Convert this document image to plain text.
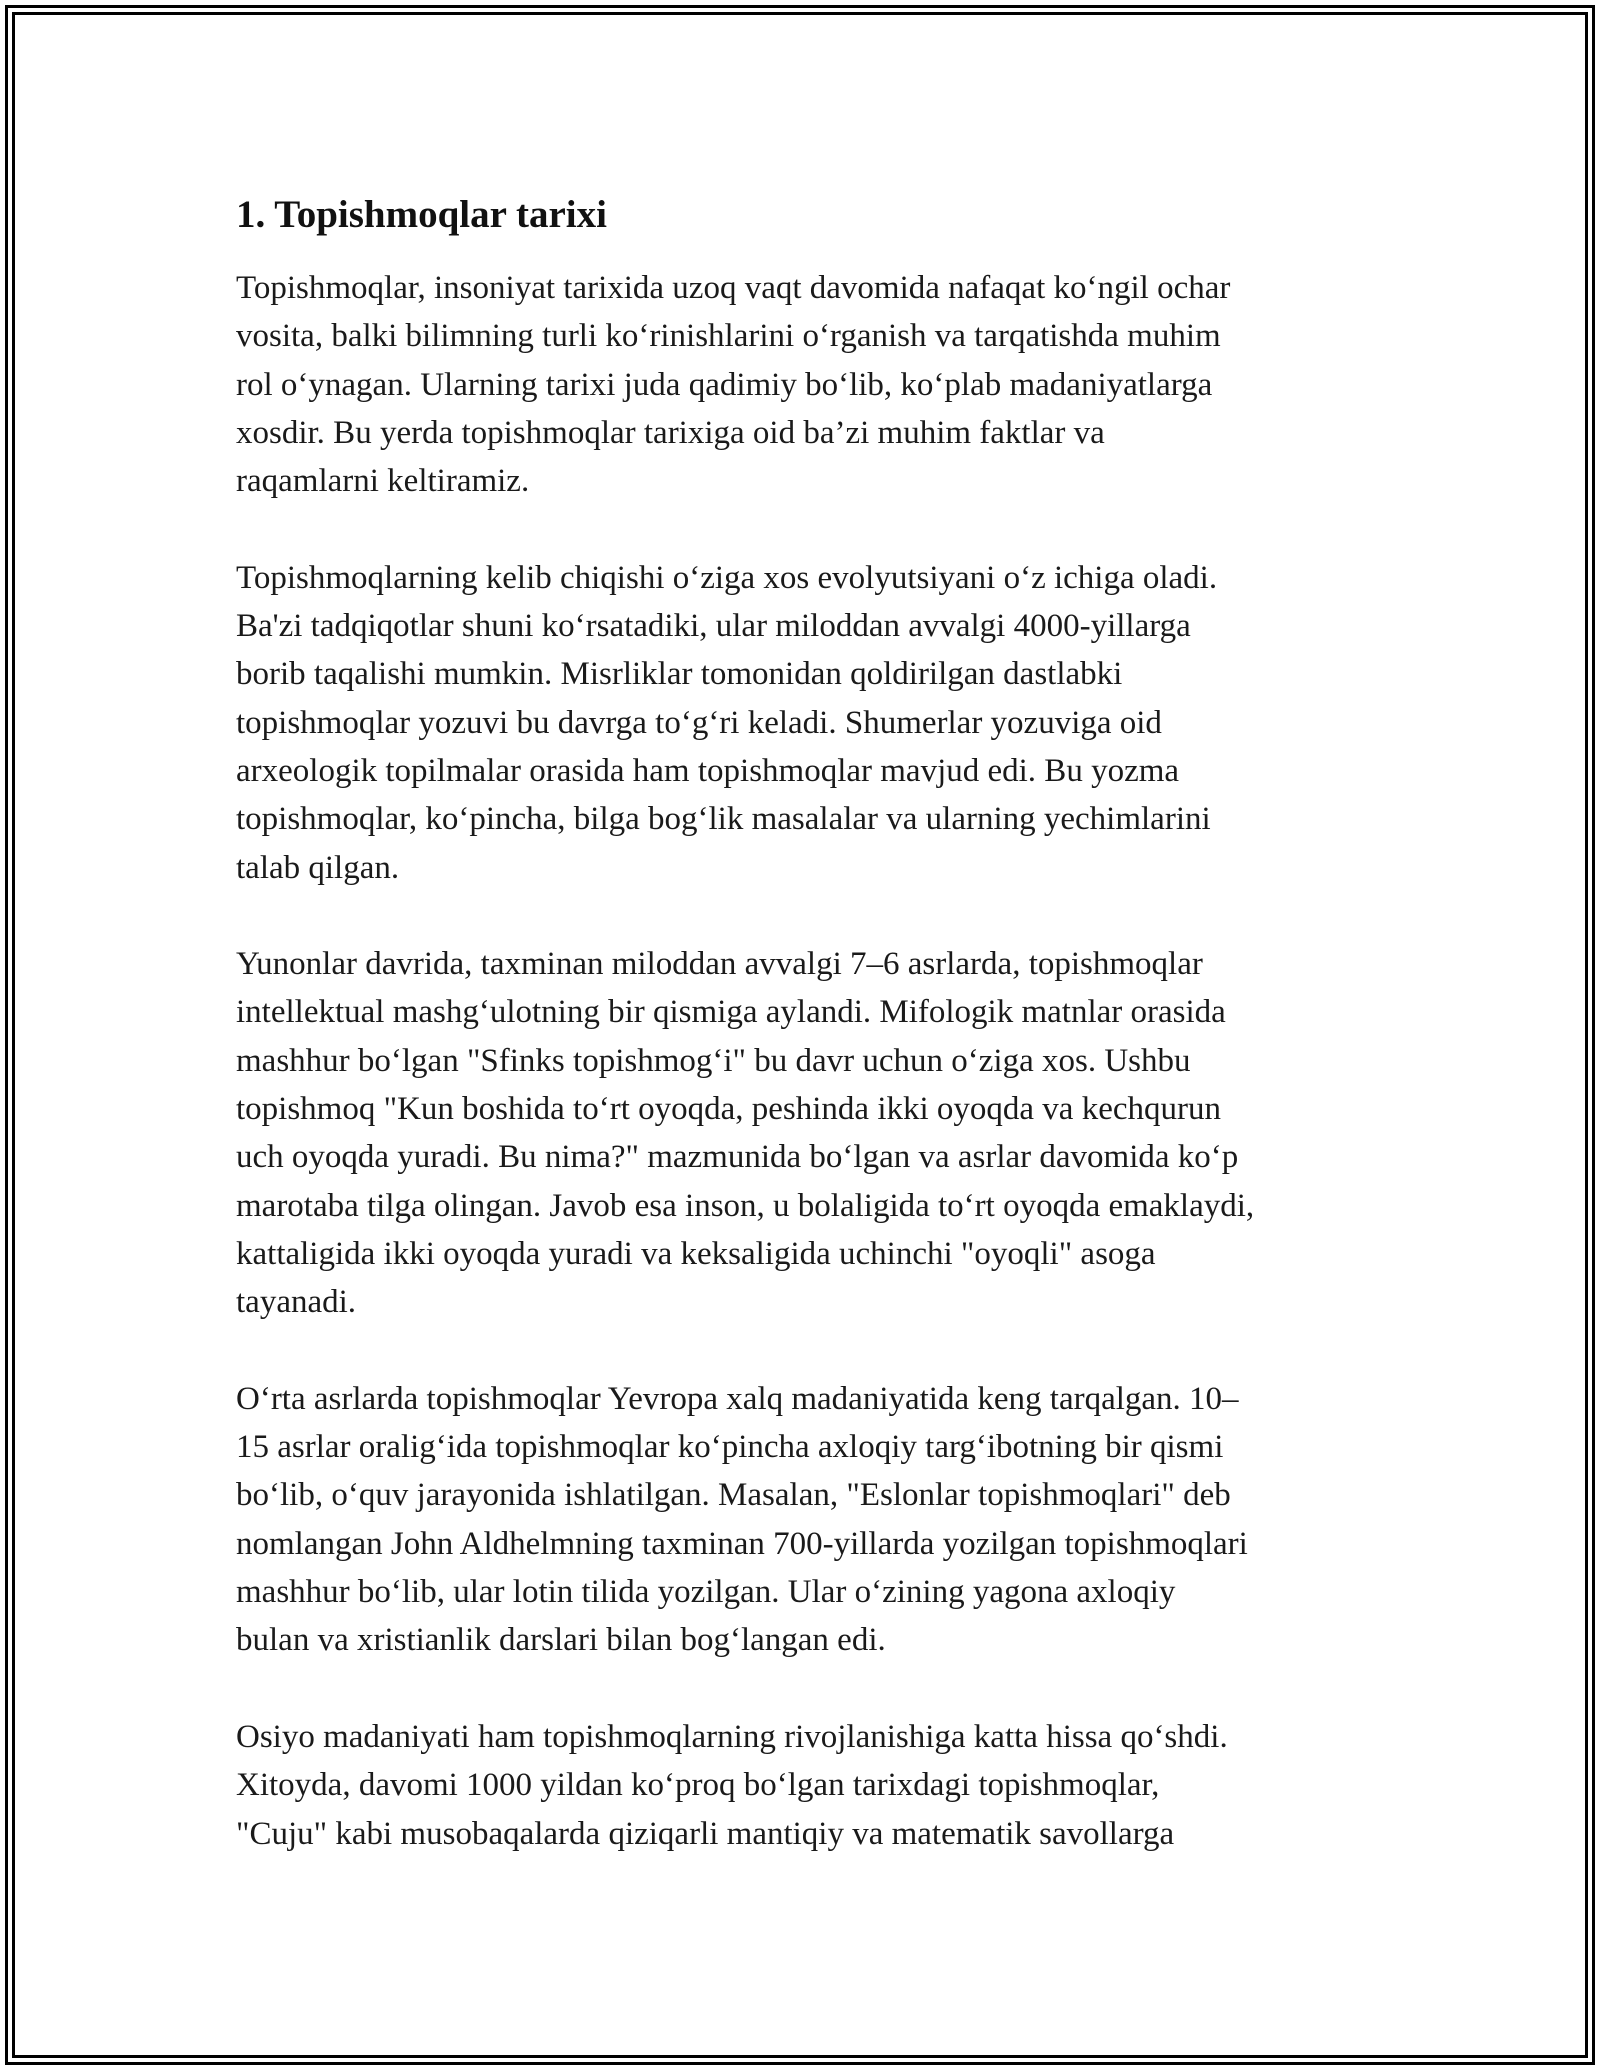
1. Topishmoqlar tarixi

Topishmoqlar, insoniyat tarixida uzoq vaqt davomida nafaqat ko‘ngil ochar
vosita, balki bilimning turli ko‘rinishlarini o‘rganish va tarqatishda muhim
rol o‘ynagan. Ularning tarixi juda qadimiy bo‘lib, ko‘plab madaniyatlarga
xosdir. Bu yerda topishmoqlar tarixiga oid ba’zi muhim faktlar va
raqamlarni keltiramiz.

Topishmoqlarning kelib chiqishi o‘ziga xos evolyutsiyani o‘z ichiga oladi.
Ba'zi tadqiqotlar shuni ko‘rsatadiki, ular miloddan avvalgi 4000-yillarga
borib taqalishi mumkin. Misrliklar tomonidan qoldirilgan dastlabki
topishmoqlar yozuvi bu davrga to‘g‘ri keladi. Shumerlar yozuviga oid
arxeologik topilmalar orasida ham topishmoqlar mavjud edi. Bu yozma
topishmoqlar, ko‘pincha, bilga bog‘lik masalalar va ularning yechimlarini
talab qilgan.

Yunonlar davrida, taxminan miloddan avvalgi 7–6 asrlarda, topishmoqlar
intellektual mashg‘ulotning bir qismiga aylandi. Mifologik matnlar orasida
mashhur bo‘lgan "Sfinks topishmog‘i" bu davr uchun o‘ziga xos. Ushbu
topishmoq "Kun boshida to‘rt oyoqda, peshinda ikki oyoqda va kechqurun
uch oyoqda yuradi. Bu nima?" mazmunida bo‘lgan va asrlar davomida ko‘p
marotaba tilga olingan. Javob esa inson, u bolaligida to‘rt oyoqda emaklaydi,
kattaligida ikki oyoqda yuradi va keksaligida uchinchi "oyoqli" asoga
tayanadi.

O‘rta asrlarda topishmoqlar Yevropa xalq madaniyatida keng tarqalgan. 10–
15 asrlar oralig‘ida topishmoqlar ko‘pincha axloqiy targ‘ibotning bir qismi
bo‘lib, o‘quv jarayonida ishlatilgan. Masalan, "Eslonlar topishmoqlari" deb
nomlangan John Aldhelmning taxminan 700-yillarda yozilgan topishmoqlari
mashhur bo‘lib, ular lotin tilida yozilgan. Ular o‘zining yagona axloqiy
bulan va xristianlik darslari bilan bog‘langan edi.

Osiyo madaniyati ham topishmoqlarning rivojlanishiga katta hissa qo‘shdi.
Xitoyda, davomi 1000 yildan ko‘proq bo‘lgan tarixdagi topishmoqlar,
"Cuju" kabi musobaqalarda qiziqarli mantiqiy va matematik savollarga
